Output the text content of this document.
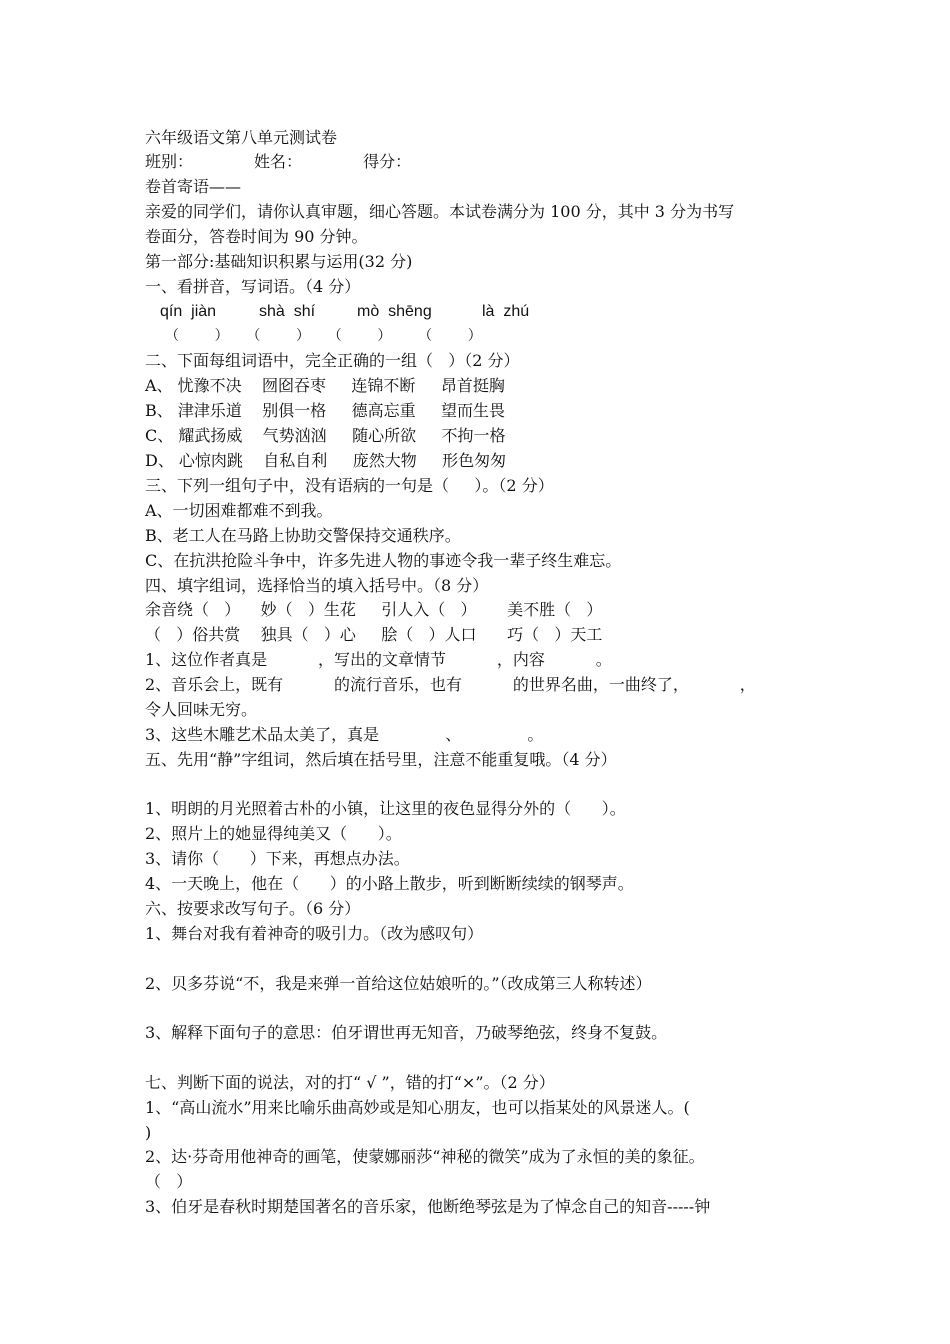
六年级语文第八单元测试卷
班别：            姓名：            得分：
卷首寄语——
亲爱的同学们，请你认真审题，细心答题。本试卷满分为 100 分，其中 3 分为书写
卷面分，答卷时间为 90 分钟。
第一部分:基础知识积累与运用(32 分)
一、看拼音，写词语。（4 分）
qín  jiàn	shà  shí	mò  shēng	là  zhú
（        ）    （        ）    （        ）      （        ）
二、下面每组词语中，完全正确的一组（   ）（2 分）
A、 忧豫不决    囫囵吞枣     连锦不断     昂首挺胸
B、 津津乐道    别俱一格     德高忘重     望而生畏
C、 耀武扬威    气势汹汹     随心所欲     不拘一格
D、 心惊肉跳    自私自利     庞然大物     形色匆匆
三、下列一组句子中，没有语病的一句是（     ）。（2 分）
A、一切困难都难不到我。
B、老工人在马路上协助交警保持交通秩序。
C、在抗洪抢险斗争中，许多先进人物的事迹令我一辈子终生难忘。
四、填字组词，选择恰当的填入括号中。（8 分）
余音绕（   ）    妙（   ）生花     引人入（   ）      美不胜（   ）
（   ）俗共赏    独具（   ）心     脍（   ）人口      巧（   ）天工
1、这位作者真是          ，写出的文章情节          ，内容          。
2、音乐会上，既有          的流行音乐，也有          的世界名曲，一曲终了，          ，
令人回味无穷。
3、这些木雕艺术品太美了，真是             、             。
五、先用“静”字组词，然后填在括号里，注意不能重复哦。（4 分）
1、明朗的月光照着古朴的小镇，让这里的夜色显得分外的（      ）。
2、照片上的她显得纯美又（      ）。
3、请你（      ）下来，再想点办法。
4、一天晚上，他在（      ）的小路上散步，听到断断续续的钢琴声。
六、按要求改写句子。（6 分）
1、舞台对我有着神奇的吸引力。（改为感叹句）
2、贝多芬说“不，我是来弹一首给这位姑娘听的。”（改成第三人称转述）
3、解释下面句子的意思：伯牙谓世再无知音，乃破琴绝弦，终身不复鼓。
七、判断下面的说法，对的打“ √ ”，错的打“×”。（2 分）
1、“高山流水”用来比喻乐曲高妙或是知心朋友，也可以指某处的风景迷人。(
)
2、达·芬奇用他神奇的画笔，使蒙娜丽莎“神秘的微笑”成为了永恒的美的象征。
（   ）
3、伯牙是春秋时期楚国著名的音乐家，他断绝琴弦是为了悼念自己的知音-----钟
